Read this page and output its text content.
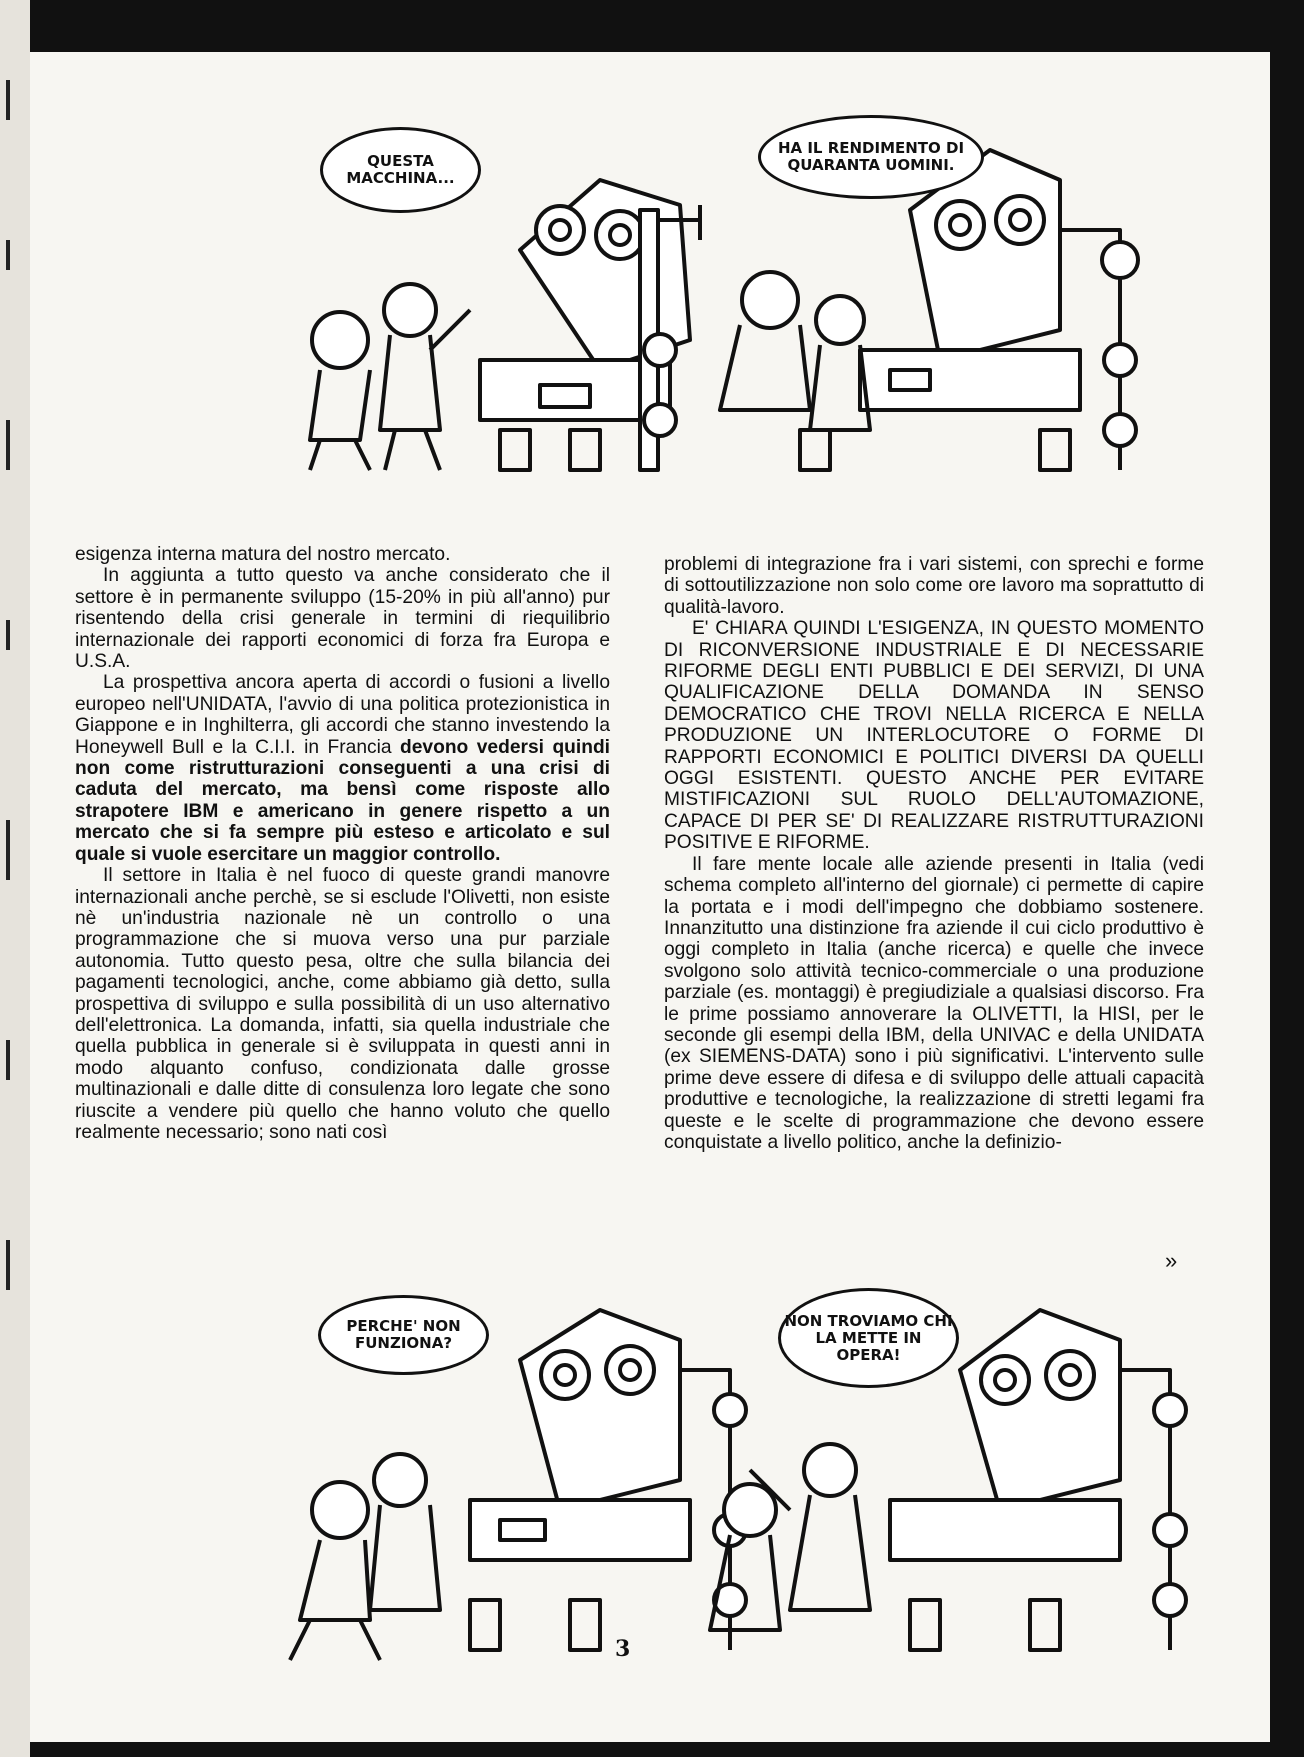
QUESTA MACCHINA...
HA IL RENDIMENTO DI QUARANTA UOMINI.

esigenza interna matura del nostro mercato.

In aggiunta a tutto questo va anche considerato che il settore è in permanente sviluppo (15-20% in più all'anno) pur risentendo della crisi generale in termini di riequilibrio internazionale dei rapporti economici di forza fra Europa e U.S.A.

La prospettiva ancora aperta di accordi o fusioni a livello europeo nell'UNIDATA, l'avvio di una politica protezionistica in Giappone e in Inghilterra, gli accordi che stanno investendo la Honeywell Bull e la C.I.I. in Francia devono vedersi quindi non come ristrutturazioni conseguenti a una crisi di caduta del mercato, ma bensì come risposte allo strapotere IBM e americano in genere rispetto a un mercato che si fa sempre più esteso e articolato e sul quale si vuole esercitare un maggior controllo.

Il settore in Italia è nel fuoco di queste grandi manovre internazionali anche perchè, se si esclude l'Olivetti, non esiste nè un'industria nazionale nè un controllo o una programmazione che si muova verso una pur parziale autonomia. Tutto questo pesa, oltre che sulla bilancia dei pagamenti tecnologici, anche, come abbiamo già detto, sulla prospettiva di sviluppo e sulla possibilità di un uso alternativo dell'elettronica. La domanda, infatti, sia quella industriale che quella pubblica in generale si è sviluppata in questi anni in modo alquanto confuso, condizionata dalle grosse multinazionali e dalle ditte di consulenza loro legate che sono riuscite a vendere più quello che hanno voluto che quello realmente necessario; sono nati così

problemi di integrazione fra i vari sistemi, con sprechi e forme di sottoutilizzazione non solo come ore lavoro ma soprattutto di qualità-lavoro.

E' CHIARA QUINDI L'ESIGENZA, IN QUESTO MOMENTO DI RICONVERSIONE INDUSTRIALE E DI NECESSARIE RIFORME DEGLI ENTI PUBBLICI E DEI SERVIZI, DI UNA QUALIFICAZIONE DELLA DOMANDA IN SENSO DEMOCRATICO CHE TROVI NELLA RICERCA E NELLA PRODUZIONE UN INTERLOCUTORE O FORME DI RAPPORTI ECONOMICI E POLITICI DIVERSI DA QUELLI OGGI ESISTENTI. QUESTO ANCHE PER EVITARE MISTIFICAZIONI SUL RUOLO DELL'AUTOMAZIONE, CAPACE DI PER SE' DI REALIZZARE RISTRUTTURAZIONI POSITIVE E RIFORME.

Il fare mente locale alle aziende presenti in Italia (vedi schema completo all'interno del giornale) ci permette di capire la portata e i modi dell'impegno che dobbiamo sostenere. Innanzitutto una distinzione fra aziende il cui ciclo produttivo è oggi completo in Italia (anche ricerca) e quelle che invece svolgono solo attività tecnico-commerciale o una produzione parziale (es. montaggi) è pregiudiziale a qualsiasi discorso. Fra le prime possiamo annoverare la OLIVETTI, la HISI, per le seconde gli esempi della IBM, della UNIVAC e della UNIDATA (ex SIEMENS-DATA) sono i più significativi. L'intervento sulle prime deve essere di difesa e di sviluppo delle attuali capacità produttive e tecnologiche, la realizzazione di stretti legami fra queste e le scelte di programmazione che devono essere conquistate a livello politico, anche la definizio-

»
PERCHE' NON FUNZIONA?
NON TROVIAMO CHI LA METTE IN OPERA!
3
